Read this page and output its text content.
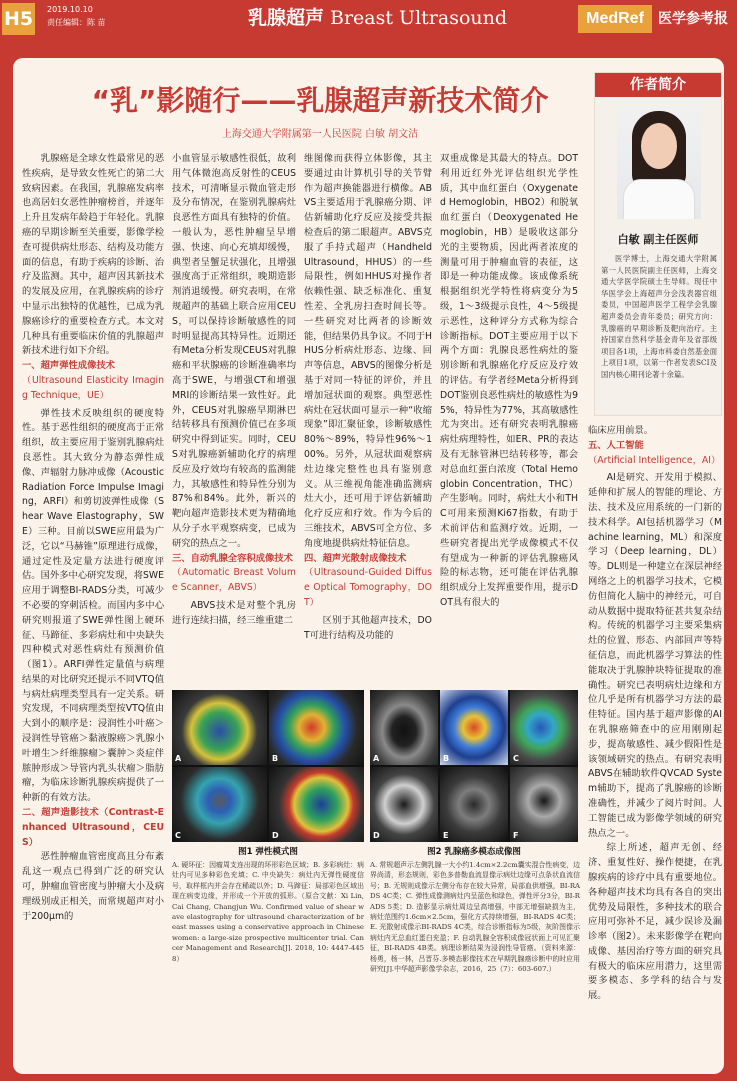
H5 2019.10.10
责任编辑：陈 苗	乳腺超声 Breast Ultrasound	MedRef	医学参考报
“乳”影随行——乳腺超声新技术简介
上海交通大学附属第一人民医院 白敏 胡文洁
作者简介
白敏 副主任医师
医学博士，上海交通大学附属第一人民医院副主任医师，上海交通大学医学院硕士生导师。现任中华医学会上海超声分会浅表器官组委员，中国超声医学工程学会乳腺超声委员会青年委员；研究方向：乳腺癌的早期诊断及靶向治疗。主持国家自然科学基金青年及省部级项目各1项，上海市科委自然基金面上项目1项，以第一作者发表SCI及国内核心期刊论著十余篇。

乳腺癌是全球女性最常见的恶性疾病，是导致女性死亡的第二大致病因素。在我国，乳腺癌发病率也高居妇女恶性肿瘤榜首，并逐年上升且发病年龄趋于年轻化。乳腺癌的早期诊断至关重要，影像学检查可提供病灶形态、结构及功能方面的信息，有助于疾病的诊断、治疗及监测。其中，超声因其新技术的发展及应用，在乳腺疾病的诊疗中显示出独特的优越性，已成为乳腺癌诊疗的重要检查方式。本文对几种具有重要临床价值的乳腺超声新技术进行如下介绍。

一、超声弹性成像技术

（Ultrasound Elasticity Imaging Technique，UE）

弹性技术反映组织的硬度特性。基于恶性组织的硬度高于正常组织，故主要应用于鉴别乳腺病灶良恶性。其大致分为静态弹性成像、声辐射力脉冲成像（Acoustic Radiation Force Impulse Imaging，ARFI）和剪切波弹性成像（Shear Wave Elastography，SWE）三种。目前以SWE应用最为广泛，它以“马赫锥”原理进行成像，通过定性及定量方法进行硬度评估。国外多中心研究发现，将SWE应用于调整BI-RADS分类，可减少不必要的穿刺活检。而国内多中心研究则报道了SWE弹性图上硬环征、马蹄征、多彩病灶和中央缺失四种模式对恶性病灶有预测价值（图1）。ARFI弹性定量值与病理结果的对比研究还提示不同VTQ值与病灶病理类型具有一定关系。研究发现，不同病理类型按VTQ值由大到小的顺序是：浸润性小叶癌＞浸润性导管癌＞黏液腺癌＞乳腺小叶增生＞纤维腺瘤＞囊肿＞炎症伴脓肿形成＞导管内乳头状瘤＞脂肪瘤，为临床诊断乳腺疾病提供了一种新的有效方法。

二、超声造影技术（Contrast-Enhanced Ultrasound，CEUS）

恶性肿瘤血管密度高且分布紊乱这一观点已得到广泛的研究认可，肿瘤血管密度与肿瘤大小及病理级别成正相关，而常规超声对小于200μm的

小血管显示敏感性很低，故利用气体微泡高反射性的CEUS技术，可清晰显示微血管走形及分布情况，在鉴别乳腺病灶良恶性方面具有独特的价值。一般认为，恶性肿瘤呈早增强、快速、向心充填却缓慢，典型者呈蟹足状强化，且增强强度高于正常组织，晚期造影剂消退缓慢。研究表明，在常规超声的基础上联合应用CEUS，可以保持诊断敏感性的同时明显提高其特异性。近期还有Meta分析发现CEUS对乳腺癌和平状腺癌的诊断准确率均高于SWE，与增强CT和增强MRI的诊断结果一致性好。此外，CEUS对乳腺癌早期淋巴结转移具有预测价值已在多项研究中得到证实。同时，CEUS对乳腺癌新辅助化疗的病理反应及疗效均有较高的监测能力，其敏感性和特异性分别为87%和84%。此外，新兴的靶向超声造影技术更为精确地从分子水平观察病变，已成为研究的热点之一。

三、自动乳腺全容积成像技术

（Automatic Breast Volume Scanner，ABVS）

ABVS技术是对整个乳房进行连续扫描，经三维重建二

维图像而获得立体影像，其主要通过由计算机引导的关节臂作为超声换能器进行横像。ABVS主要适用于乳腺癌分期、评估新辅助化疗反应及接受共振检查后的第二眼超声。ABVS克服了手持式超声（Handheld Ultrasound，HHUS）的一些局限性，例如HHUS对操作者依赖性强、缺乏标准化、重复性差、全乳房扫查时间长等。一些研究对比两者的诊断效能，但结果仍具争议。不同于HHUS分析病灶形态、边缘、回声等信息，ABVS的图像分析是基于对同一特征的评价，并且增加冠状面的观察。典型恶性病灶在冠状面可显示一种“收缩现象”即汇聚征象，诊断敏感性80%～89%，特异性96%～100%。另外，从冠状面观察病灶边缘完整性也具有鉴别意义。从三维视角能准确监测病灶大小，还可用于评估新辅助化疗反应和疗效。作为今后的三维技术，ABVS可全方位、多角度地提供病灶特征信息。

四、超声光散射成像技术

（Ultrasound-Guided Diffuse Optical Tomography，DOT）

区别于其他超声技术，DOT可进行结构及功能的

双重成像是其最大的特点。DOT利用近红外光评估组织光学性质，其中血红蛋白（Oxygenated Hemoglobin，HBO2）和脱氧血红蛋白（Deoxygenated Hemoglobin，HB）是吸收这部分光的主要物质，因此两者浓度的测量可用于肿瘤血管的表征，这即是一种功能成像。该成像系统根据组织光学特性将病变分为5级，1～3级提示良性，4～5级提示恶性，这种评分方式称为综合诊断指标。DOT主要应用于以下两个方面：乳腺良恶性病灶的鉴别诊断和乳腺癌化疗反应及疗效的评估。有学者经Meta分析得到DOT鉴别良恶性病灶的敏感性为95%，特异性为77%，其高敏感性尤为突出。还有研究表明乳腺癌病灶病理特性，如ER、PR的表达及有无脉管淋巴结转移等，都会对总血红蛋白浓度（Total Hemoglobin Concentration，THC）产生影响。同时，病灶大小和THC可用来预测Ki67指数，有助于术前评估和监测疗效。近期，一些研究者提出光学成像模式不仅有望成为一种新的评估乳腺癌风险的标志物，还可能在评估乳腺组织成分上发挥重要作用，提示DOT具有很大的

临床应用前景。

五、人工智能

（Artificial Intelligence，AI）

AI是研究、开发用于模拟、延伸和扩展人的智能的理论、方法、技术及应用系统的一门新的技术科学。AI包括机器学习（Machine learning，ML）和深度学习（Deep learning，DL）等。DL则是一种建立在深层神经网络之上的机器学习技术，它模仿但简化人脑中的神经元，可自动从数据中提取特征甚共复杂结构。传统的机器学习主要采集病灶的位置、形态、内部回声等特征信息，而此机器学习算法的性能取决于乳腺肿块特征提取的准确性。研究已表明病灶边缘和方位几乎是所有机器学习方法的最佳特征。国内基于超声影像的AI在乳腺癌筛查中的应用刚刚起步，提高敏感性、减少假阳性是该领域研究的热点。有研究表明ABVS在辅助软件QVCAD System辅助下，提高了乳腺癌的诊断准确性，并减少了阅片时间。人工智能已成为影像学领域的研究热点之一。

综上所述，超声无创、经济、重复性好、操作便捷，在乳腺疾病的诊疗中具有重要地位。各种超声技术均具有各自的突出优势及局限性，多种技术的联合应用可弥补不足，减少误诊及漏诊率（图2）。未来影像学在靶向成像、基因治疗等方面的研究具有极大的临床应用潜力，这里需要多模态、多学科的结合与发展。

A	B
C	D
图1 弹性模式图
A. 硬环征：因瘤周支连出现的环形彩色区域；B. 多彩病灶：病灶内可见多种彩色充填；C. 中央缺失：病灶内无弹性硬度信号，取样框内并会存在稀疏以外；D. 马蹄征：局部彩色区域出现在病变边缘，并形成一个开放的弧形。（原合文献：Xi Lin, Cai Chang, Changjun Wu. Confirmed value of shear wave elastography for ultrasound characterization of breast masses using a conservative approach in Chinese women: a large-size prospective multicenter trial. Cancer Management and Research[J]. 2018, 10: 4447-4458）
A	B	C
D	E	F
图2 乳腺癌多模态成像图
A. 常规超声示左侧乳腺一大小约1.4cm×2.2cm囊实混合性病变，边界尚清，形态规则，彩色多普勒血流显像示病灶边缘可点条状血流信号；B. 无规则成像示左侧分布存在较大异常，局部血供增强，BI-RADS 4C类；C. 弹性成像测病灶内呈蓝色和绿色，弹性评分3分，BI-RADS 5类；D. 造影显示病灶周边呈高增强，中部无增强缺损为主，病灶范围约1.6cm×2.5cm，强化方式持续增强，BI-RADS 4C类；E. 光散射成像示BI-RADS 4C类，综合诊断指标为5级，灰阶图像示病灶内无总血红蛋白充盈；F. 自动乳腺全容积成像冠状面上可见汇聚征，BI-RADS 4B类。病理诊断结果为浸润性导管癌。（资料来源：杨勇，杨一林，吕晋芬.多模态影像技术在早期乳腺癌诊断中的时应用研究[J].中华超声影像学杂志，2016，25（7）：603-607.）
